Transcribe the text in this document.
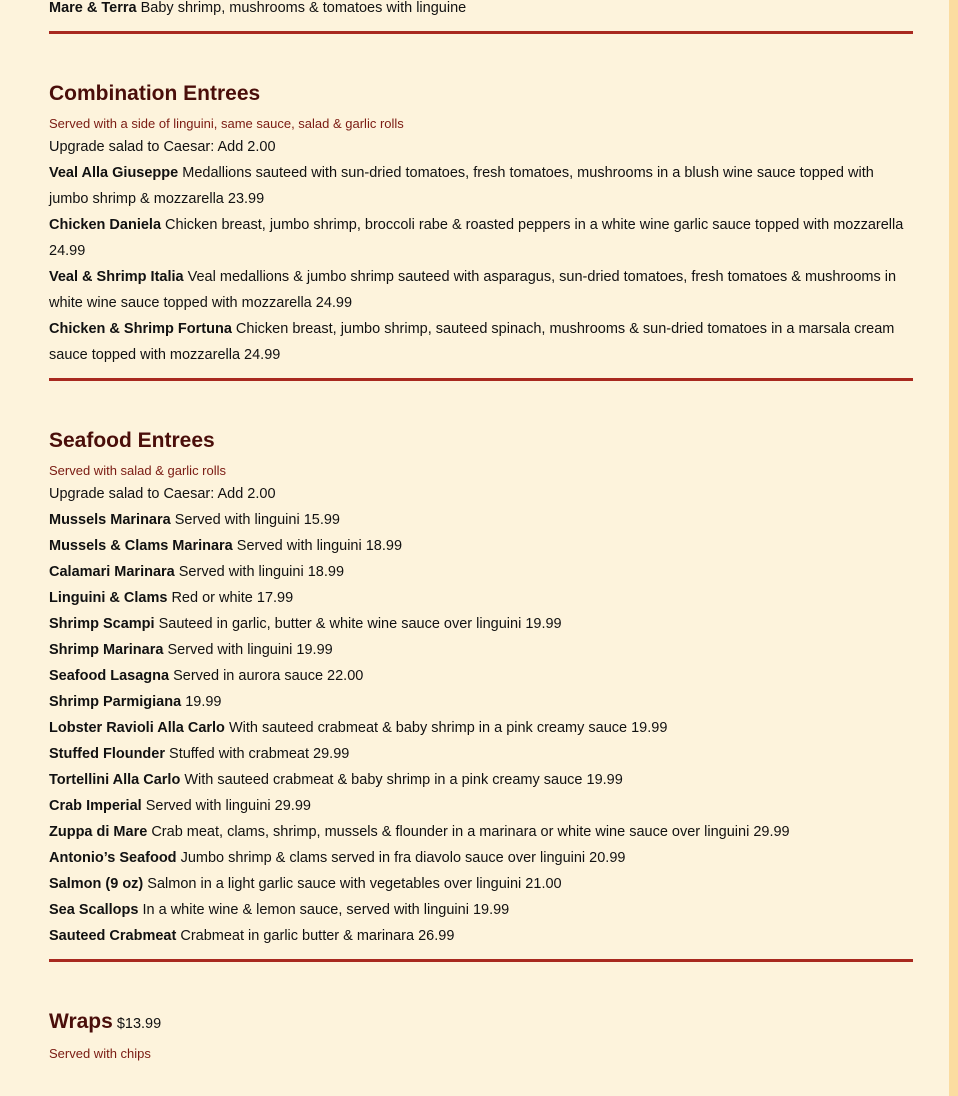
Mare & Terra Baby shrimp, mushrooms & tomatoes with linguine
Combination Entrees
Served with a side of linguini, same sauce, salad & garlic rolls
Upgrade salad to Caesar: Add 2.00
Veal Alla Giuseppe Medallions sauteed with sun-dried tomatoes, fresh tomatoes, mushrooms in a blush wine sauce topped with jumbo shrimp & mozzarella 23.99
Chicken Daniela Chicken breast, jumbo shrimp, broccoli rabe & roasted peppers in a white wine garlic sauce topped with mozzarella 24.99
Veal & Shrimp Italia Veal medallions & jumbo shrimp sauteed with asparagus, sun-dried tomatoes, fresh tomatoes & mushrooms in white wine sauce topped with mozzarella 24.99
Chicken & Shrimp Fortuna Chicken breast, jumbo shrimp, sauteed spinach, mushrooms & sun-dried tomatoes in a marsala cream sauce topped with mozzarella 24.99
Seafood Entrees
Served with salad & garlic rolls
Upgrade salad to Caesar: Add 2.00
Mussels Marinara Served with linguini 15.99
Mussels & Clams Marinara Served with linguini 18.99
Calamari Marinara Served with linguini 18.99
Linguini & Clams Red or white 17.99
Shrimp Scampi Sauteed in garlic, butter & white wine sauce over linguini 19.99
Shrimp Marinara Served with linguini 19.99
Seafood Lasagna Served in aurora sauce 22.00
Shrimp Parmigiana 19.99
Lobster Ravioli Alla Carlo With sauteed crabmeat & baby shrimp in a pink creamy sauce 19.99
Stuffed Flounder Stuffed with crabmeat 29.99
Tortellini Alla Carlo With sauteed crabmeat & baby shrimp in a pink creamy sauce 19.99
Crab Imperial Served with linguini 29.99
Zuppa di Mare Crab meat, clams, shrimp, mussels & flounder in a marinara or white wine sauce over linguini 29.99
Antonio’s Seafood Jumbo shrimp & clams served in fra diavolo sauce over linguini 20.99
Salmon (9 oz) Salmon in a light garlic sauce with vegetables over linguini 21.00
Sea Scallops In a white wine & lemon sauce, served with linguini 19.99
Sauteed Crabmeat Crabmeat in garlic butter & marinara 26.99
Wraps $13.99
Served with chips
